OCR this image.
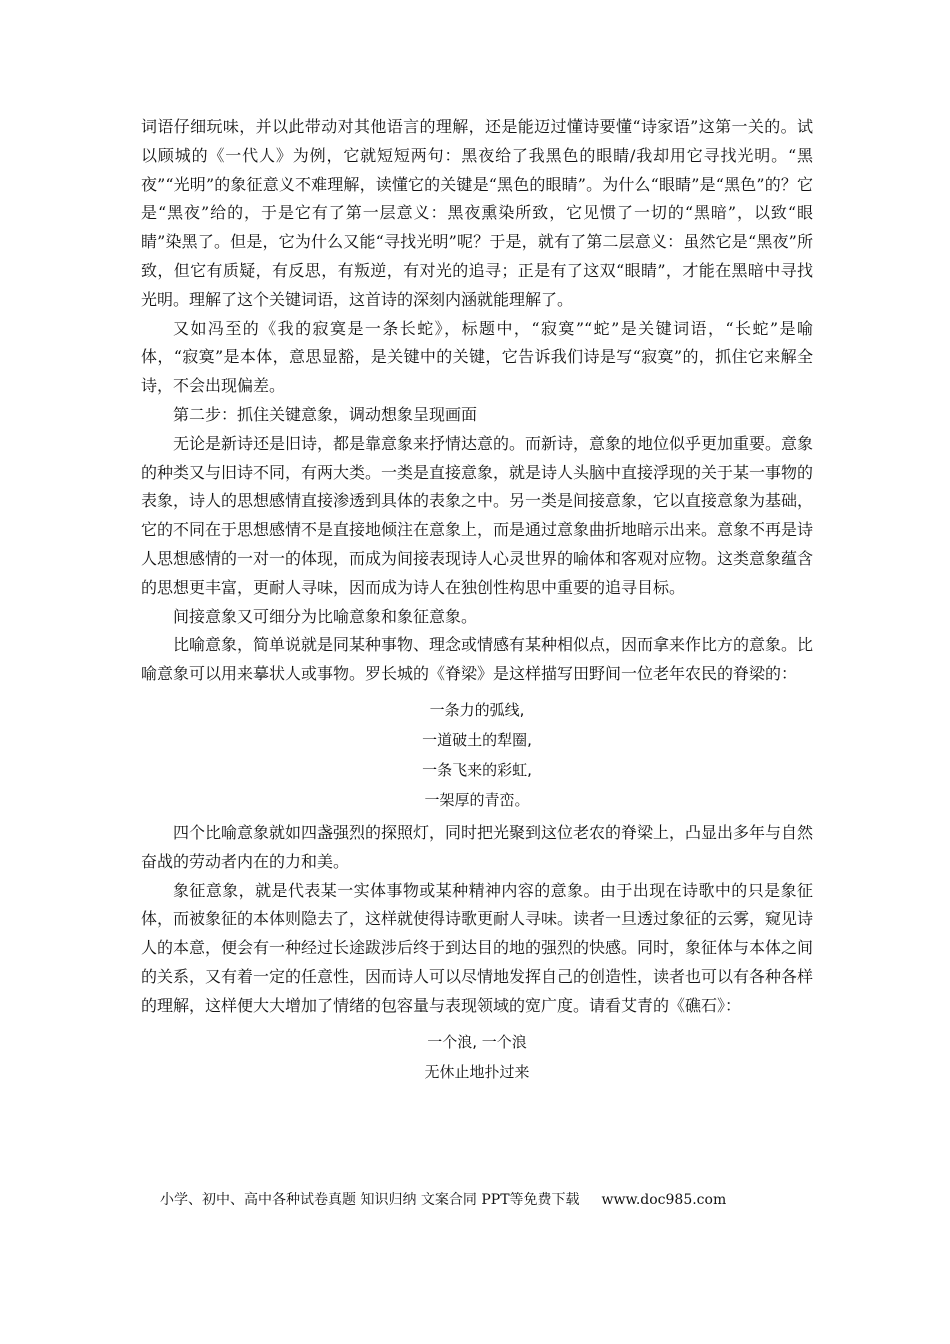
词语仔细玩味，并以此带动对其他语言的理解，还是能迈过懂诗要懂“诗家语”这第一关的。试以顾城的《一代人》为例，它就短短两句：黑夜给了我黑色的眼睛/我却用它寻找光明。“黑夜”“光明”的象征意义不难理解，读懂它的关键是“黑色的眼睛”。为什么“眼睛”是“黑色”的？它是“黑夜”给的，于是它有了第一层意义：黑夜熏染所致，它见惯了一切的“黑暗”，以致“眼睛”染黑了。但是，它为什么又能“寻找光明”呢？于是，就有了第二层意义：虽然它是“黑夜”所致，但它有质疑，有反思，有叛逆，有对光的追寻；正是有了这双“眼睛”，才能在黑暗中寻找光明。理解了这个关键词语，这首诗的深刻内涵就能理解了。

又如冯至的《我的寂寞是一条长蛇》，标题中，“寂寞”“蛇”是关键词语，“长蛇”是喻体，“寂寞”是本体，意思显豁，是关键中的关键，它告诉我们诗是写“寂寞”的，抓住它来解全诗，不会出现偏差。

第二步：抓住关键意象，调动想象呈现画面

无论是新诗还是旧诗，都是靠意象来抒情达意的。而新诗，意象的地位似乎更加重要。意象的种类又与旧诗不同，有两大类。一类是直接意象，就是诗人头脑中直接浮现的关于某一事物的表象，诗人的思想感情直接渗透到具体的表象之中。另一类是间接意象，它以直接意象为基础，它的不同在于思想感情不是直接地倾注在意象上，而是通过意象曲折地暗示出来。意象不再是诗人思想感情的一对一的体现，而成为间接表现诗人心灵世界的喻体和客观对应物。这类意象蕴含的思想更丰富，更耐人寻味，因而成为诗人在独创性构思中重要的追寻目标。

间接意象又可细分为比喻意象和象征意象。

比喻意象，简单说就是同某种事物、理念或情感有某种相似点，因而拿来作比方的意象。比喻意象可以用来摹状人或事物。罗长城的《脊梁》是这样描写田野间一位老年农民的脊梁的：

一条力的弧线,
一道破土的犁圈,
一条飞来的彩虹,
一架厚的青峦。

四个比喻意象就如四盏强烈的探照灯，同时把光聚到这位老农的脊梁上，凸显出多年与自然奋战的劳动者内在的力和美。

象征意象，就是代表某一实体事物或某种精神内容的意象。由于出现在诗歌中的只是象征体，而被象征的本体则隐去了，这样就使得诗歌更耐人寻味。读者一旦透过象征的云雾，窥见诗人的本意，便会有一种经过长途跋涉后终于到达目的地的强烈的快感。同时，象征体与本体之间的关系，又有着一定的任意性，因而诗人可以尽情地发挥自己的创造性，读者也可以有各种各样的理解，这样便大大增加了情绪的包容量与表现领域的宽广度。请看艾青的《礁石》：

一个浪, 一个浪
无休止地扑过来
小学、初中、高中各种试卷真题 知识归纳 文案合同 PPT等免费下载 www.doc985.com
